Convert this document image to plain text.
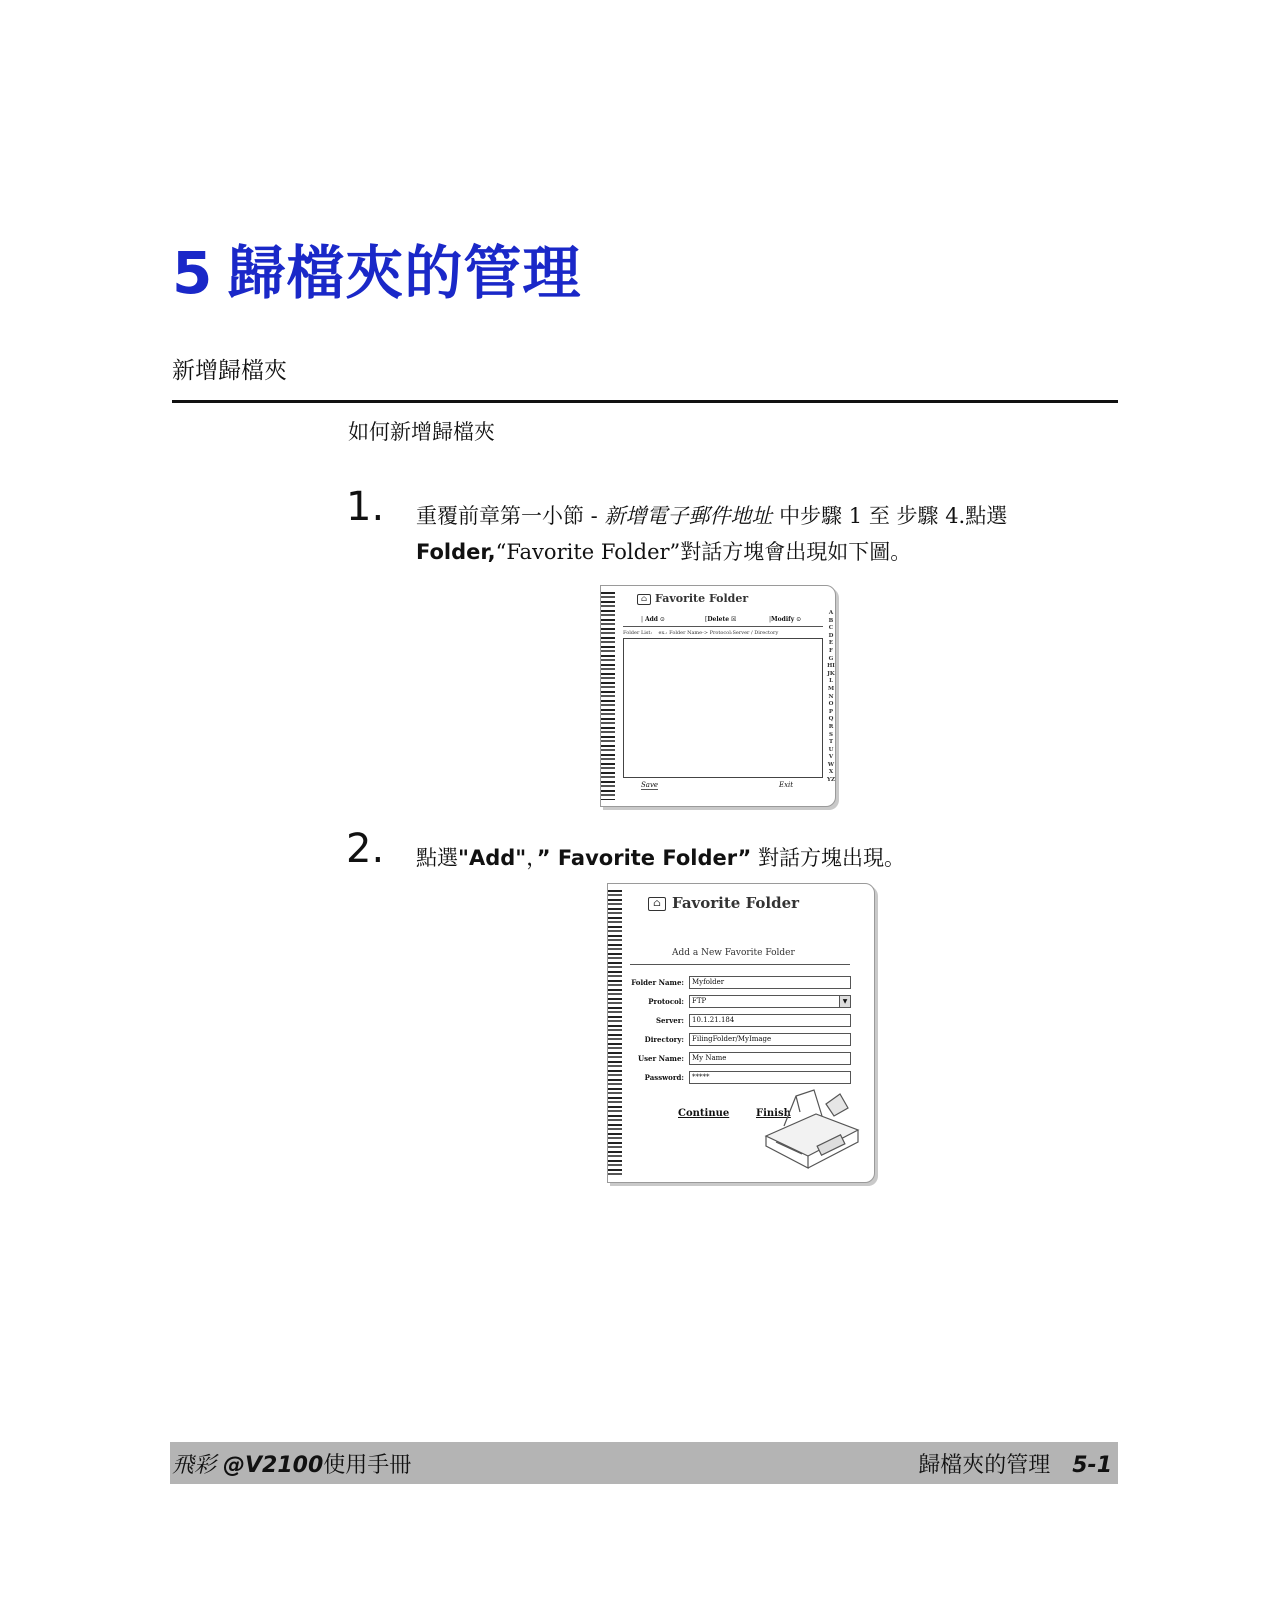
5 歸檔夾的管理
新增歸檔夾
如何新增歸檔夾
1. 重覆前章第一小節 - 新增電子郵件地址 中步驟 1 至 步驟 4.點選
Folder,“Favorite Folder”對話方塊會出現如下圖。
⌂ Favorite Folder
| Add ⊙	[Delete ☒	|Modify ⊙
Folder List: ex.: Folder Name-> Protocol:Server / Directory
Save	Exit
ABCDEFGHIJKLMNOPQRSTUVWXYZ
2. 點選"Add"，” Favorite Folder” 對話方塊出現。
⌂ Favorite Folder
Add a New Favorite Folder
Folder Name:	Myfolder
Protocol:	FTP	▼
Server:	10.1.21.184
Directory:	FilingFolder/MyImage
User Name:	My Name
Password:	*****
Continue	Finish
飛彩 @V2100使用手冊	歸檔夾的管理 5-1
